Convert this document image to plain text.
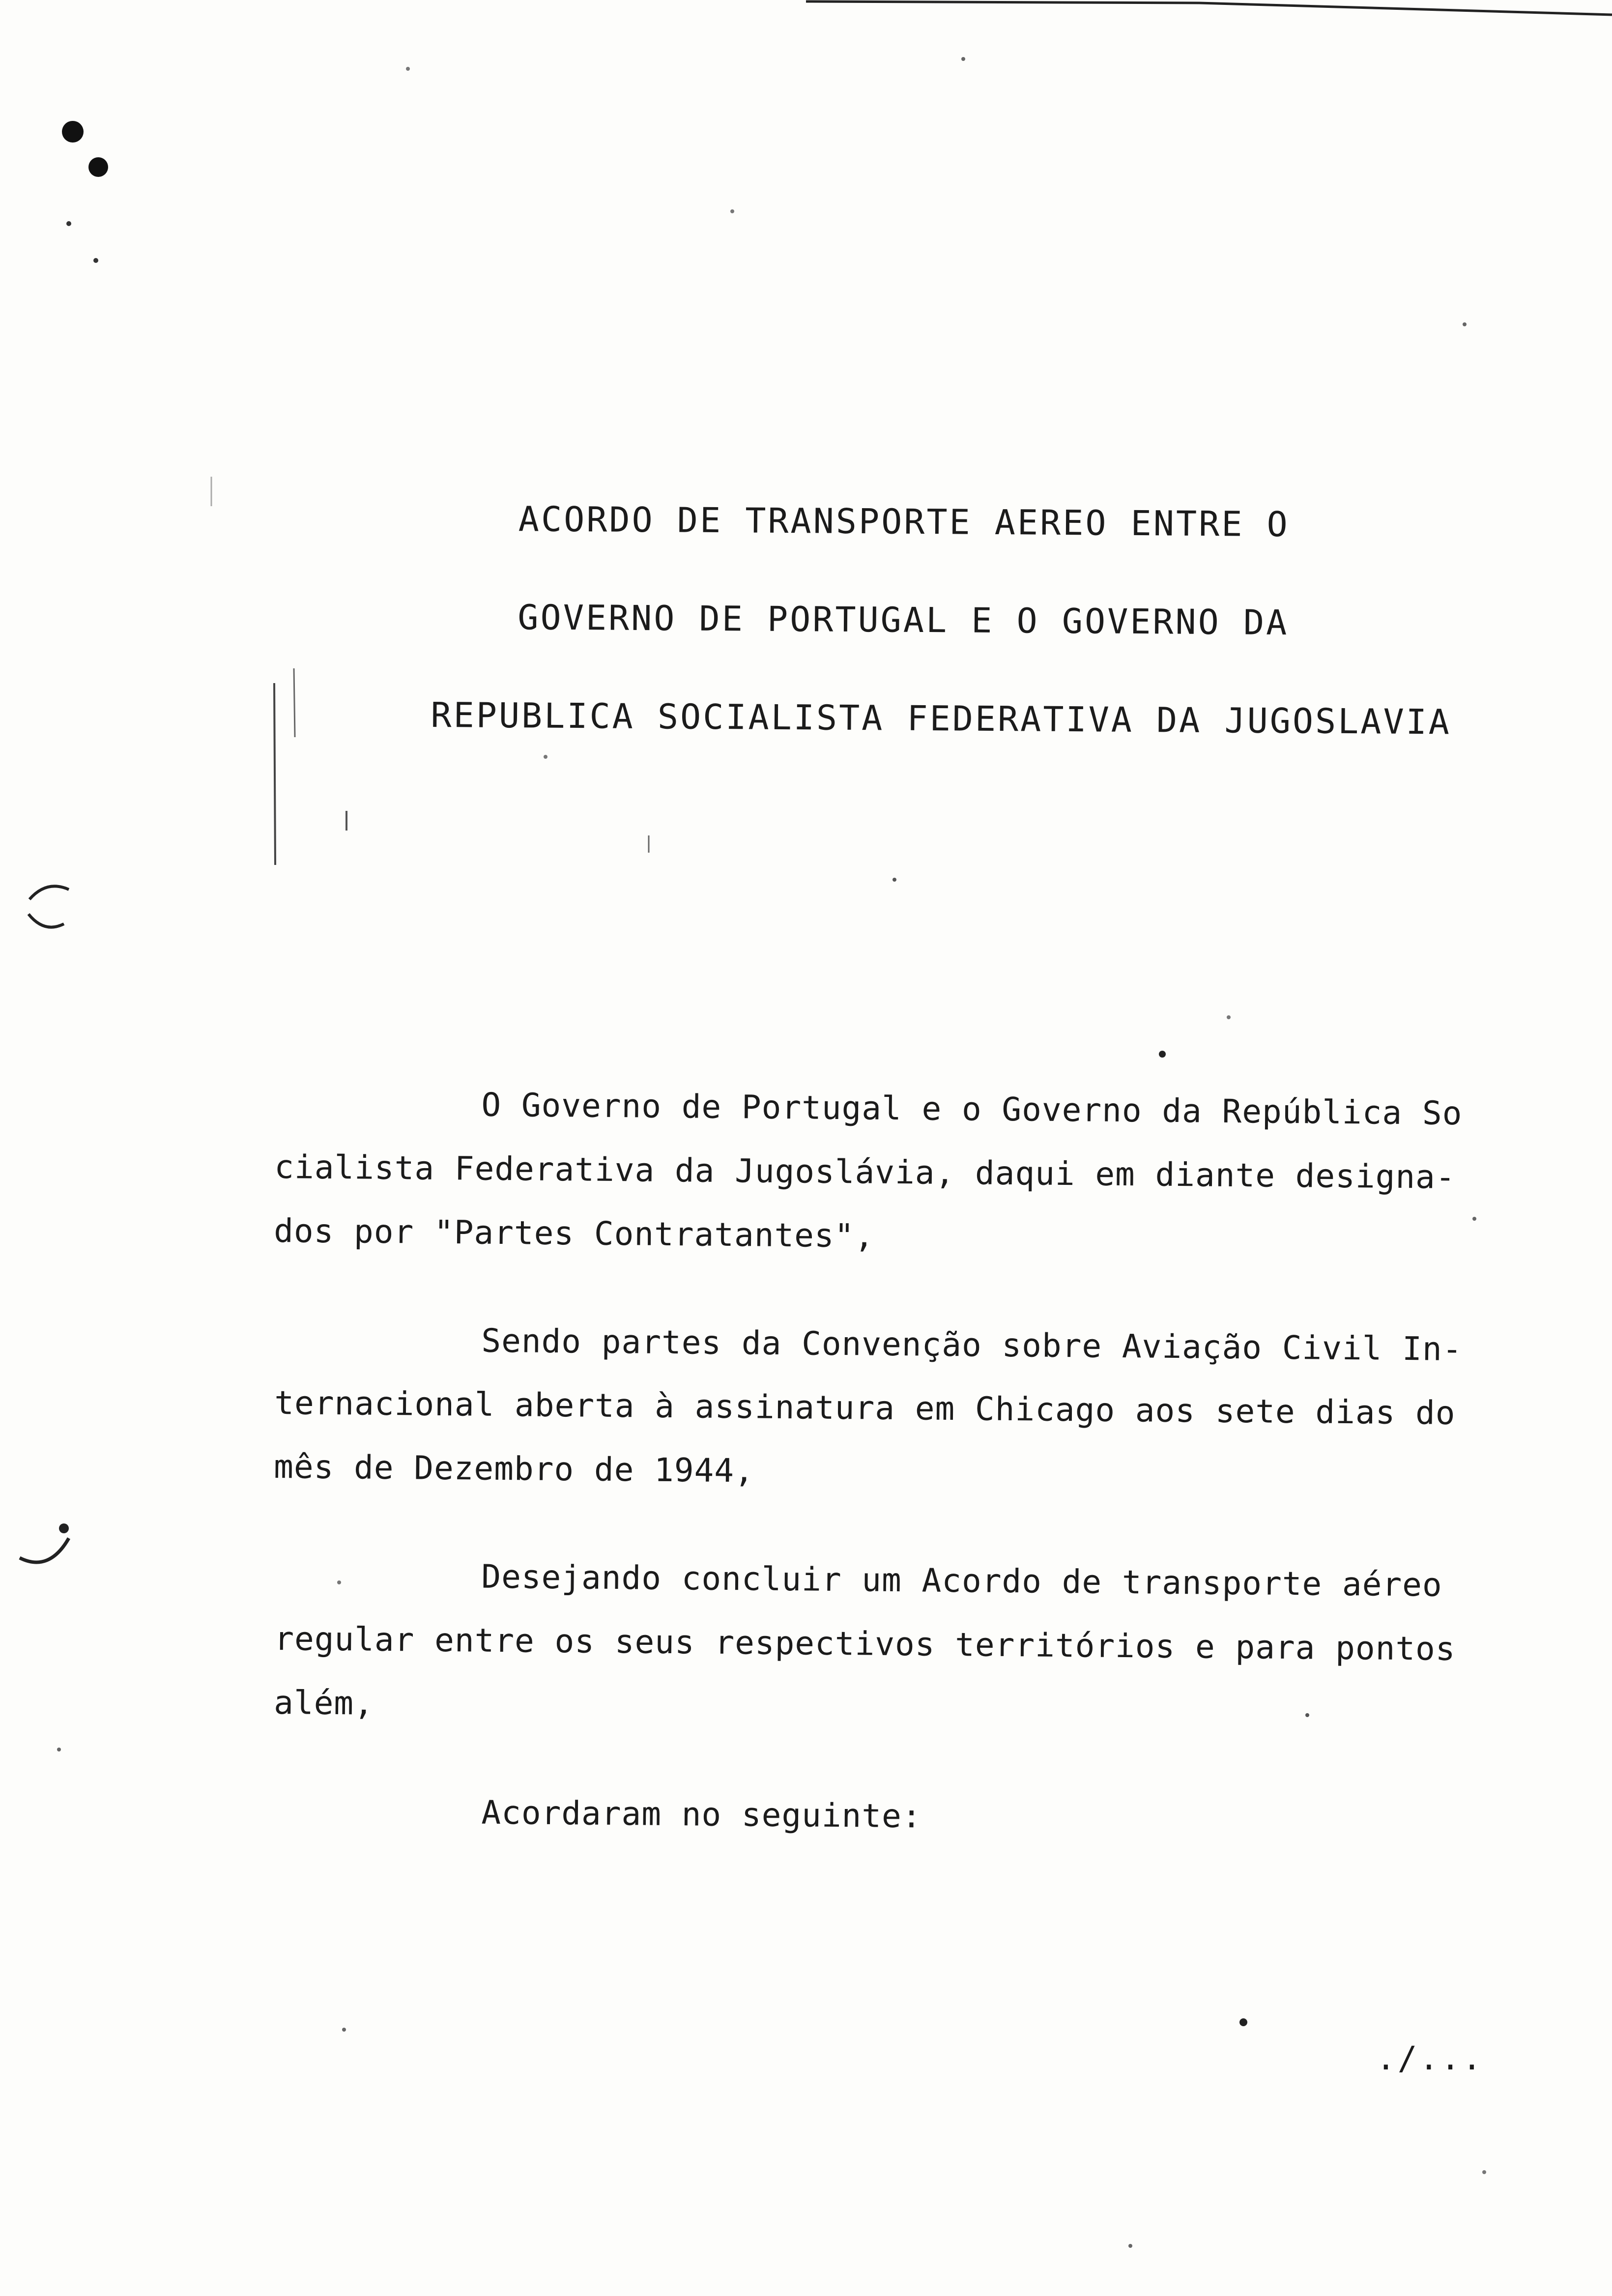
ACORDO DE TRANSPORTE AEREO ENTRE O
GOVERNO DE PORTUGAL E O GOVERNO DA
REPUBLICA SOCIALISTA FEDERATIVA DA JUGOSLAVIA

O Governo de Portugal e o Governo da República So
cialista Federativa da Jugoslávia, daqui em diante designa-
dos por "Partes Contratantes",

Sendo partes da Convenção sobre Aviação Civil In-
ternacional aberta à assinatura em Chicago aos sete dias do
mês de Dezembro de 1944,

Desejando concluir um Acordo de transporte aéreo
regular entre os seus respectivos territórios e para pontos
além,

Acordaram no seguinte:

./...
